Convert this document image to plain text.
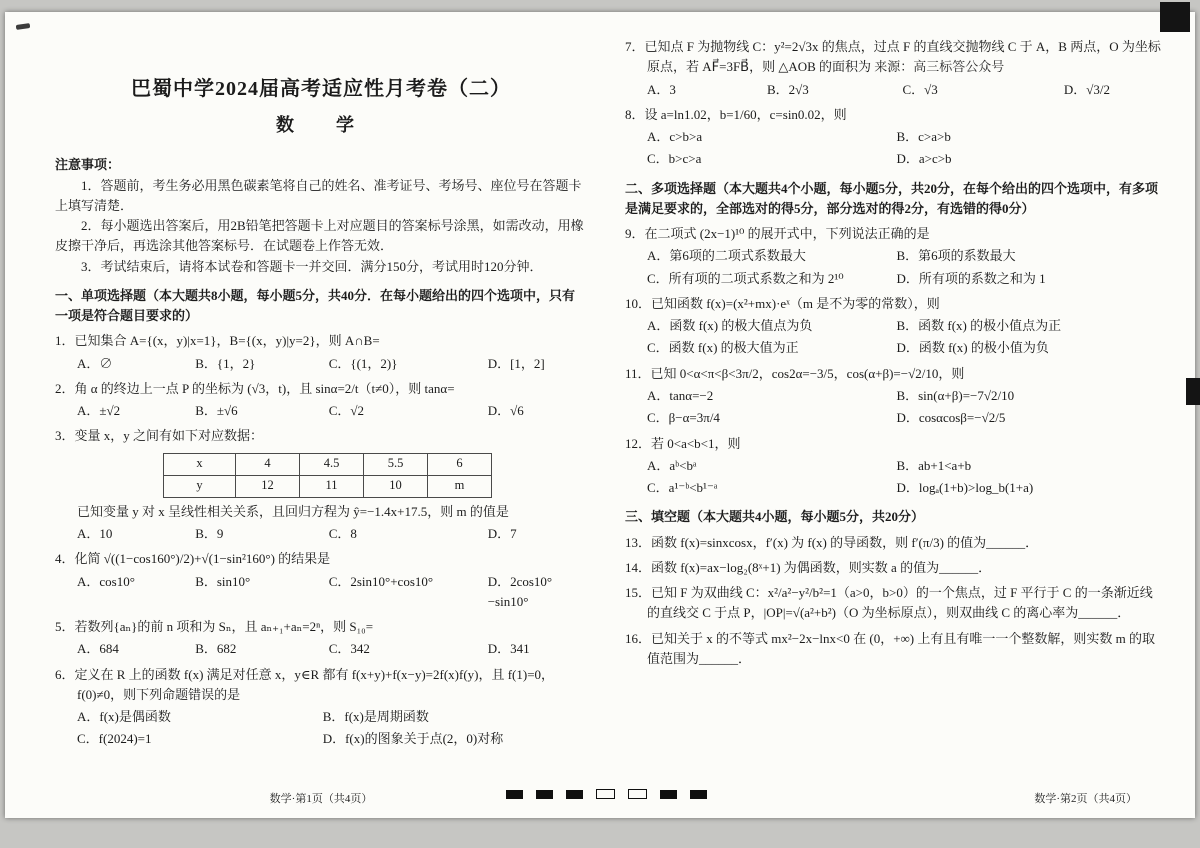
巴蜀中学2024届高考适应性月考卷（二）
数　学
注意事项：
1．答题前，考生务必用黑色碳素笔将自己的姓名、准考证号、考场号、座位号在答题卡上填写清楚．
2．每小题选出答案后，用2B铅笔把答题卡上对应题目的答案标号涂黑，如需改动，用橡皮擦干净后，再选涂其他答案标号．在试题卷上作答无效．
3．考试结束后，请将本试卷和答题卡一并交回．满分150分，考试用时120分钟．
一、单项选择题（本大题共8小题，每小题5分，共40分．在每小题给出的四个选项中，只有一项是符合题目要求的）
1．已知集合 A={(x，y)|x=1}，B={(x，y)|y=2}，则 A∩B=
A．∅	B．{1，2}	C．{(1，2)}	D．[1，2]
2．角 α 的终边上一点 P 的坐标为 (√3，t)，且 sinα=2/t（t≠0），则 tanα=
A．±√2	B．±√6	C．√2	D．√6
3．变量 x，y 之间有如下对应数据：
x	4	4.5	5.5	6
y	12	11	10	m
已知变量 y 对 x 呈线性相关关系，且回归方程为 ŷ=−1.4x+17.5，则 m 的值是
A．10	B．9	C．8	D．7
4．化简 √((1−cos160°)/2)+√(1−sin²160°) 的结果是
A．cos10°	B．sin10°	C．2sin10°+cos10°	D．2cos10°−sin10°
5．若数列{aₙ}的前 n 项和为 Sₙ，且 aₙ₊₁+aₙ=2ⁿ，则 S₁₀=
A．684	B．682	C．342	D．341
6．定义在 R 上的函数 f(x) 满足对任意 x，y∈R 都有 f(x+y)+f(x−y)=2f(x)f(y)，且 f(1)=0，f(0)≠0，则下列命题错误的是
A．f(x)是偶函数	B．f(x)是周期函数
C．f(2024)=1	D．f(x)的图象关于点(2，0)对称
7．已知点 F 为抛物线 C：y²=2√3x 的焦点，过点 F 的直线交抛物线 C 于 A，B 两点，O 为坐标原点，若 AF⃗=3FB⃗，则 △AOB 的面积为 来源：高三标答公众号
A．3	B．2√3	C．√3	D．√3/2
8．设 a=ln1.02，b=1/60，c=sin0.02，则
A．c>b>a	B．c>a>b
C．b>c>a	D．a>c>b
二、多项选择题（本大题共4个小题，每小题5分，共20分，在每个给出的四个选项中，有多项是满足要求的，全部选对的得5分，部分选对的得2分，有选错的得0分）
9．在二项式 (2x−1)¹⁰ 的展开式中，下列说法正确的是
A．第6项的二项式系数最大	B．第6项的系数最大
C．所有项的二项式系数之和为 2¹⁰	D．所有项的系数之和为 1
10．已知函数 f(x)=(x²+mx)·eˣ（m 是不为零的常数），则
A．函数 f(x) 的极大值点为负	B．函数 f(x) 的极小值点为正
C．函数 f(x) 的极大值为正	D．函数 f(x) 的极小值为负
11．已知 0<α<π<β<3π/2，cos2α=−3/5，cos(α+β)=−√2/10，则
A．tanα=−2	B．sin(α+β)=−7√2/10
C．β−α=3π/4	D．cosαcosβ=−√2/5
12．若 0<a<b<1，则
A．aᵇ<bᵃ	B．ab+1<a+b
C．a¹⁻ᵇ<b¹⁻ᵃ	D．logₐ(1+b)>log_b(1+a)
三、填空题（本大题共4小题，每小题5分，共20分）
13．函数 f(x)=sinxcosx，f′(x) 为 f(x) 的导函数，则 f′(π/3) 的值为______．
14．函数 f(x)=ax−log₂(8ˣ+1) 为偶函数，则实数 a 的值为______．
15．已知 F 为双曲线 C：x²/a²−y²/b²=1（a>0，b>0）的一个焦点，过 F 平行于 C 的一条渐近线的直线交 C 于点 P，|OP|=√(a²+b²)（O 为坐标原点），则双曲线 C 的离心率为______．
16．已知关于 x 的不等式 mx²−2x−lnx<0 在 (0，+∞) 上有且有唯一一个整数解，则实数 m 的取值范围为______．
数学·第1页（共4页）	数学·第2页（共4页）
